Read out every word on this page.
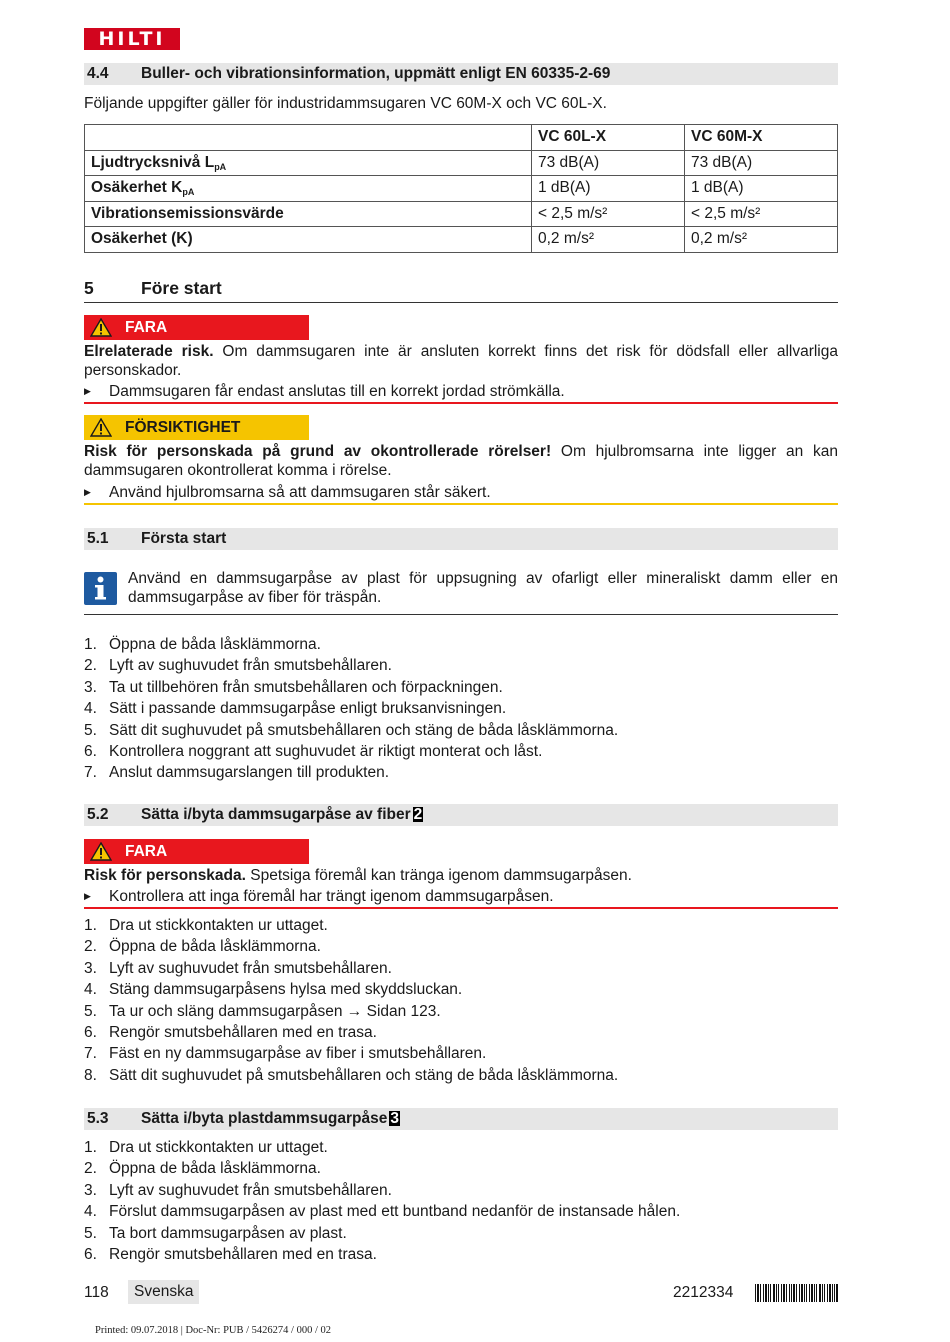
HILTI
4.4 Buller- och vibrationsinformation, uppmätt enligt EN 60335-2-69
Följande uppgifter gäller för industridammsugaren VC 60M-X och VC 60L-X.
	VC 60L-X	VC 60M-X
Ljudtrycksnivå $L_{pA}$	73 dB(A)	73 dB(A)
Osäkerhet $K_{pA}$	1 dB(A)	1 dB(A)
Vibrationsemissionsvärde	< 2,5 m/s²	< 2,5 m/s²
Osäkerhet (K)	0,2 m/s²	0,2 m/s²
5	Före start
FARA
Elrelaterade risk. Om dammsugaren inte är ansluten korrekt finns det risk för dödsfall eller allvarliga personskador.
▶ Dammsugaren får endast anslutas till en korrekt jordad strömkälla.
FÖRSIKTIGHET
Risk för personskada på grund av okontrollerade rörelser! Om hjulbromsarna inte ligger an kan dammsugaren okontrollerat komma i rörelse.
▶ Använd hjulbromsarna så att dammsugaren står säkert.
5.1 Första start
Använd en dammsugarpåse av plast för uppsugning av ofarligt eller mineraliskt damm eller en dammsugarpåse av fiber för träspån.
1. Öppna de båda låsklämmorna.
2. Lyft av sughuvudet från smutsbehållaren.
3. Ta ut tillbehören från smutsbehållaren och förpackningen.
4. Sätt i passande dammsugarpåse enligt bruksanvisningen.
5. Sätt dit sughuvudet på smutsbehållaren och stäng de båda låsklämmorna.
6. Kontrollera noggrant att sughuvudet är riktigt monterat och låst.
7. Anslut dammsugarslangen till produkten.
5.2 Sätta i/byta dammsugarpåse av fiber 2
FARA
Risk för personskada. Spetsiga föremål kan tränga igenom dammsugarpåsen.
▶ Kontrollera att inga föremål har trängt igenom dammsugarpåsen.
1. Dra ut stickkontakten ur uttaget.
2. Öppna de båda låsklämmorna.
3. Lyft av sughuvudet från smutsbehållaren.
4. Stäng dammsugarpåsens hylsa med skyddsluckan.
5. Ta ur och släng dammsugarpåsen → Sidan 123.
6. Rengör smutsbehållaren med en trasa.
7. Fäst en ny dammsugarpåse av fiber i smutsbehållaren.
8. Sätt dit sughuvudet på smutsbehållaren och stäng de båda låsklämmorna.
5.3 Sätta i/byta plastdammsugarpåse 3
1. Dra ut stickkontakten ur uttaget.
2. Öppna de båda låsklämmorna.
3. Lyft av sughuvudet från smutsbehållaren.
4. Förslut dammsugarpåsen av plast med ett buntband nedanför de instansade hålen.
5. Ta bort dammsugarpåsen av plast.
6. Rengör smutsbehållaren med en trasa.
118	Svenska	2212334
Printed: 09.07.2018 | Doc-Nr: PUB / 5426274 / 000 / 02
